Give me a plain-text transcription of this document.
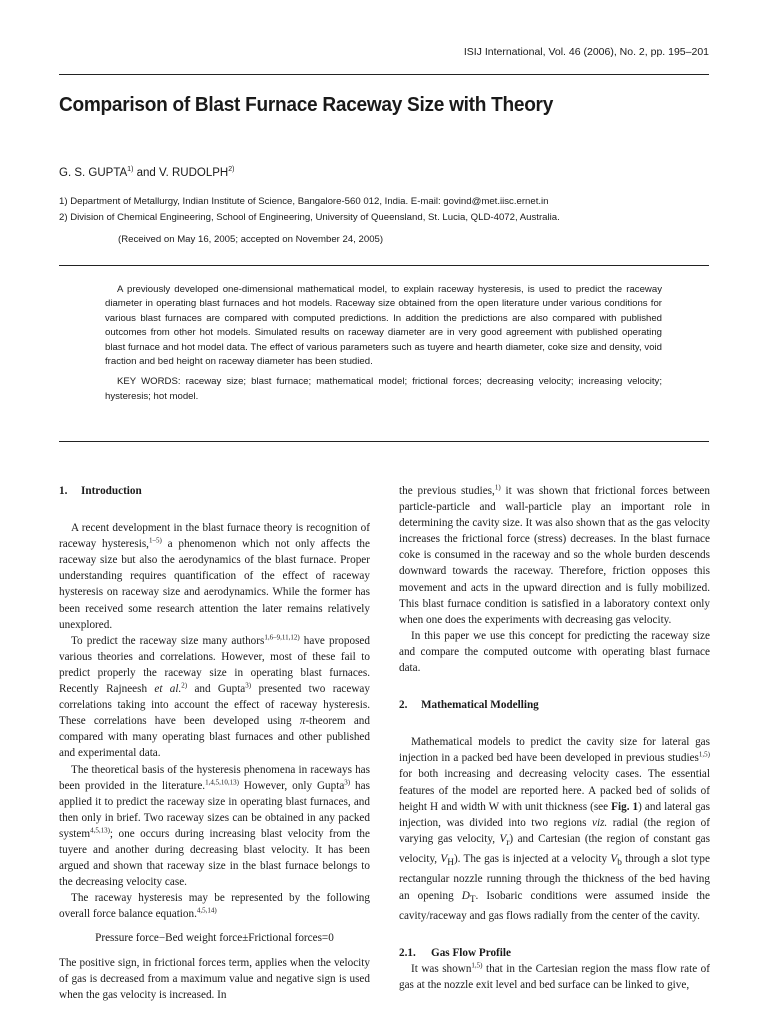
ISIJ International, Vol. 46 (2006), No. 2, pp. 195–201
Comparison of Blast Furnace Raceway Size with Theory
G. S. GUPTA$^{1)}$ and V. RUDOLPH$^{2)}$
1) Department of Metallurgy, Indian Institute of Science, Bangalore-560 012, India. E-mail: govind@met.iisc.ernet.in
2) Division of Chemical Engineering, School of Engineering, University of Queensland, St. Lucia, QLD-4072, Australia.
(Received on May 16, 2005; accepted on November 24, 2005)

A previously developed one-dimensional mathematical model, to explain raceway hysteresis, is used to predict the raceway diameter in operating blast furnaces and hot models. Raceway size obtained from the open literature under various conditions for various blast furnaces are compared with computed predictions. In addition the predictions are also compared with published outcomes from other hot models. Simulated results on raceway diameter are in very good agreement with published operating blast furnace and hot model data. The effect of various parameters such as tuyere and hearth diameter, coke size and density, void fraction and bed height on raceway diameter has been studied.

KEY WORDS: raceway size; blast furnace; mathematical model; frictional forces; decreasing velocity; increasing velocity; hysteresis; hot model.

1. Introduction

A recent development in the blast furnace theory is recognition of raceway hysteresis,$^{1-5)}$ a phenomenon which not only affects the raceway size but also the aerodynamics of the blast furnace. Proper understanding requires quantification of the effect of raceway hysteresis on raceway size and aerodynamics. While the former has been received some research attention the later remains relatively unexplored.

To predict the raceway size many authors$^{1,6-9,11,12)}$ have proposed various theories and correlations. However, most of these fail to predict properly the raceway size in operating blast furnaces. Recently Rajneesh et al.$^{2)}$ and Gupta$^{3)}$ presented two raceway correlations taking into account the effect of raceway hysteresis. These correlations have been developed using π-theorem and compared with many operating blast furnaces and other published and experimental data.

The theoretical basis of the hysteresis phenomena in raceways has been provided in the literature.$^{1,4,5,10,13)}$ However, only Gupta$^{3)}$ has applied it to predict the raceway size in operating blast furnaces, and then only in brief. Two raceway sizes can be obtained in any packed system$^{4,5,13)}$; one occurs during increasing blast velocity from the tuyere and another during decreasing blast velocity. It has been argued and shown that raceway size in the blast furnace belongs to the decreasing velocity case.

The raceway hysteresis may be represented by the following overall force balance equation.$^{4,5,14)}$

Pressure force−Bed weight force±Frictional forces=0

The positive sign, in frictional forces term, applies when the velocity of gas is decreased from a maximum value and negative sign is used when the gas velocity is increased. In

the previous studies,$^{1)}$ it was shown that frictional forces between particle-particle and wall-particle play an important role in determining the cavity size. It was also shown that as the gas velocity increases the frictional force (stress) decreases. In the blast furnace coke is consumed in the raceway and so the whole burden descends downward towards the raceway. Therefore, friction opposes this movement and acts in the upward direction and is fully mobilized. This blast furnace condition is satisfied in a laboratory context only when one does the experiments with decreasing gas velocity.

In this paper we use this concept for predicting the raceway size and compare the computed outcome with operating blast furnace data.

2. Mathematical Modelling

Mathematical models to predict the cavity size for lateral gas injection in a packed bed have been developed in previous studies$^{1,5)}$ for both increasing and decreasing velocity cases. The essential features of the model are reported here. A packed bed of solids of height H and width W with unit thickness (see Fig. 1) and lateral gas injection, was divided into two regions viz. radial (the region of varying gas velocity, $V_r$) and Cartesian (the region of constant gas velocity, $V_H$). The gas is injected at a velocity $V_b$ through a slot type rectangular nozzle running through the thickness of the bed having an opening $D_T$. Isobaric conditions were assumed inside the cavity/raceway and gas flows radially from the center of the cavity.

2.1. Gas Flow Profile

It was shown$^{1,5)}$ that in the Cartesian region the mass flow rate of gas at the nozzle exit level and bed surface can be linked to give,
